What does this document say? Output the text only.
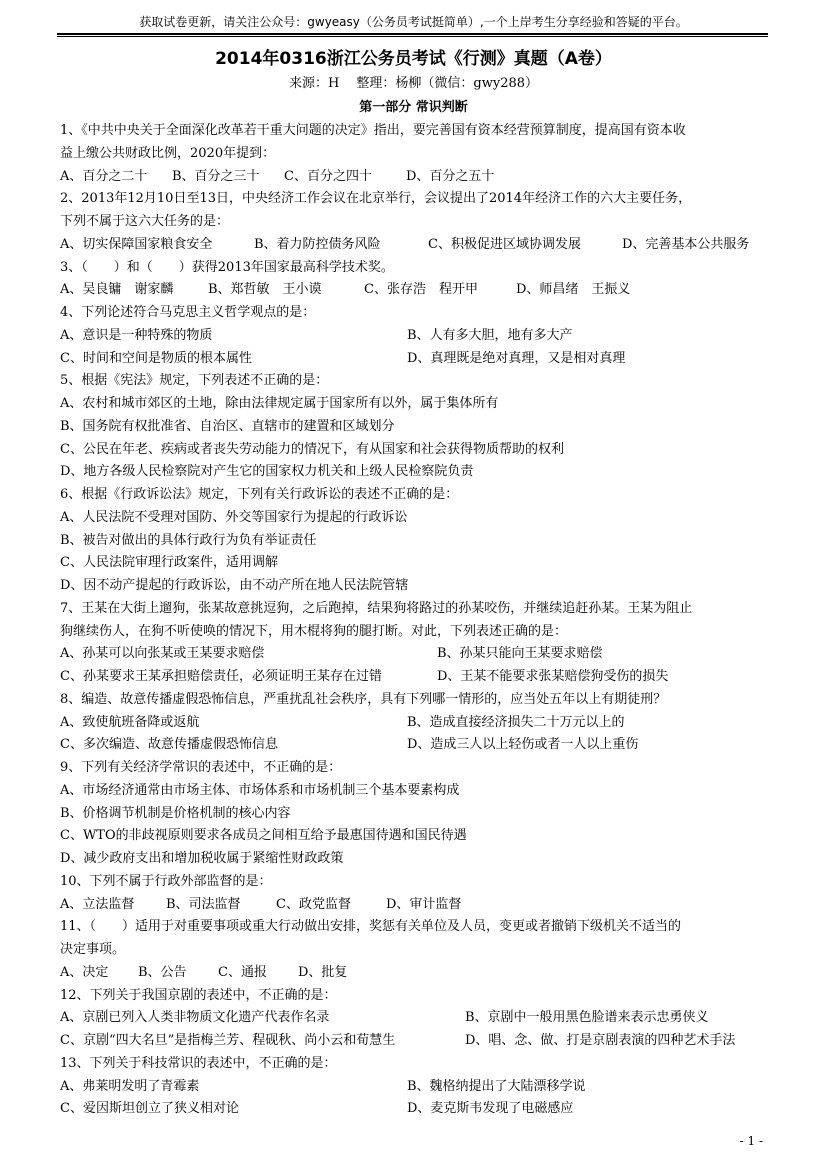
获取试卷更新，请关注公众号：gwyeasy（公务员考试挺简单）,一个上岸考生分享经验和答疑的平台。
2014年0316浙江公务员考试《行测》真题（A卷）
来源：H　 整理：杨柳（微信：gwy288）
第一部分 常识判断
1、《中共中央关于全面深化改革若干重大问题的决定》指出，要完善国有资本经营预算制度，提高国有资本收
益上缴公共财政比例，2020年提到：
A、百分之二十	B、百分之三十	C、百分之四十	D、百分之五十
2、2013年12月10日至13日，中央经济工作会议在北京举行，会议提出了2014年经济工作的六大主要任务，
下列不属于这六大任务的是：
A、切实保障国家粮食安全	B、着力防控债务风险	C、积极促进区域协调发展	D、完善基本公共服务
3、（　　）和（　　）获得2013年国家最高科学技术奖。
A、吴良镛　谢家麟	B、郑哲敏　王小谟	C、张存浩　程开甲	D、师昌绪　王振义
4、下列论述符合马克思主义哲学观点的是：
A、意识是一种特殊的物质	B、人有多大胆，地有多大产
C、时间和空间是物质的根本属性	D、真理既是绝对真理，又是相对真理
5、根据《宪法》规定，下列表述不正确的是：
A、农村和城市郊区的土地，除由法律规定属于国家所有以外，属于集体所有
B、国务院有权批准省、自治区、直辖市的建置和区域划分
C、公民在年老、疾病或者丧失劳动能力的情况下，有从国家和社会获得物质帮助的权利
D、地方各级人民检察院对产生它的国家权力机关和上级人民检察院负责
6、根据《行政诉讼法》规定，下列有关行政诉讼的表述不正确的是：
A、人民法院不受理对国防、外交等国家行为提起的行政诉讼
B、被告对做出的具体行政行为负有举证责任
C、人民法院审理行政案件，适用调解
D、因不动产提起的行政诉讼，由不动产所在地人民法院管辖
7、王某在大街上遛狗，张某故意挑逗狗，之后跑掉，结果狗将路过的孙某咬伤，并继续追赶孙某。王某为阻止
狗继续伤人，在狗不听使唤的情况下，用木棍将狗的腿打断。对此，下列表述正确的是：
A、孙某可以向张某或王某要求赔偿	B、孙某只能向王某要求赔偿
C、孙某要求王某承担赔偿责任，必须证明王某存在过错	D、王某不能要求张某赔偿狗受伤的损失
8、编造、故意传播虚假恐怖信息，严重扰乱社会秩序，具有下列哪一情形的，应当处五年以上有期徒刑？
A、致使航班备降或返航	B、造成直接经济损失二十万元以上的
C、多次编造、故意传播虚假恐怖信息	D、造成三人以上轻伤或者一人以上重伤
9、下列有关经济学常识的表述中，不正确的是：
A、市场经济通常由市场主体、市场体系和市场机制三个基本要素构成
B、价格调节机制是价格机制的核心内容
C、WTO的非歧视原则要求各成员之间相互给予最惠国待遇和国民待遇
D、减少政府支出和增加税收属于紧缩性财政政策
10、下列不属于行政外部监督的是：
A、立法监督	B、司法监督	C、政党监督	D、审计监督
11、（　　）适用于对重要事项或重大行动做出安排，奖惩有关单位及人员，变更或者撤销下级机关不适当的
决定事项。
A、决定	B、公告	C、通报	D、批复
12、下列关于我国京剧的表述中，不正确的是：
A、京剧已列入人类非物质文化遗产代表作名录	B、京剧中一般用黑色脸谱来表示忠勇侠义
C、京剧“四大名旦”是指梅兰芳、程砚秋、尚小云和荀慧生	D、唱、念、做、打是京剧表演的四种艺术手法
13、下列关于科技常识的表述中，不正确的是：
A、弗莱明发明了青霉素	B、魏格纳提出了大陆漂移学说
C、爱因斯坦创立了狭义相对论	D、麦克斯韦发现了电磁感应
- 1 -
